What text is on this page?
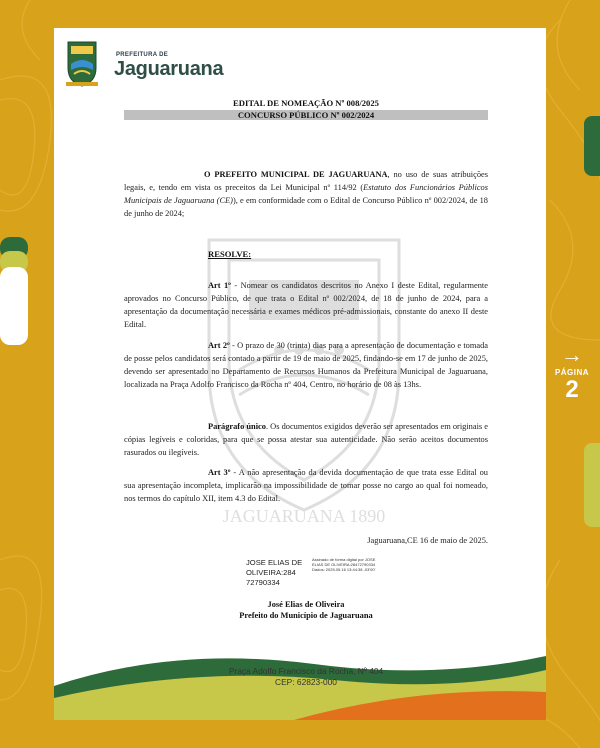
→
PÁGINA
2
PREFEITURA DE
Jaguaruana
JAGUARUANA 1890
EDITAL DE NOMEAÇÃO Nº 008/2025
CONCURSO PÚBLICO Nº 002/2024
O PREFEITO MUNICIPAL DE JAGUARUANA, no uso de suas atribuições legais, e, tendo em vista os preceitos da Lei Municipal nº 114/92 (Estatuto dos Funcionários Públicos Municipais de Jaguaruana (CE)), e em conformidade com o Edital de Concurso Público nº 002/2024, de 18 de junho de 2024;
RESOLVE:
Art 1º - Nomear os candidatos descritos no Anexo I deste Edital, regularmente aprovados no Concurso Público, de que trata o Edital nº 002/2024, de 18 de junho de 2024, para a apresentação da documentação necessária e exames médicos pré-admissionais, constante do anexo II deste Edital.
Art 2º - O prazo de 30 (trinta) dias para a apresentação de documentação e tomada de posse pelos candidatos será contado a partir de 19 de maio de 2025, findando-se em 17 de junho de 2025, devendo ser apresentado no Departamento de Recursos Humanos da Prefeitura Municipal de Jaguaruana, localizada na Praça Adolfo Francisco da Rocha nº 404, Centro, no horário de 08 às 13hs.
Parágrafo único. Os documentos exigidos deverão ser apresentados em originais e cópias legíveis e coloridas, para que se possa atestar sua autenticidade. Não serão aceitos documentos rasurados ou ilegíveis.
Art 3º - A não apresentação da devida documentação de que trata esse Edital ou sua apresentação incompleta, implicarão na impossibilidade de tomar posse no cargo ao qual foi nomeado, nos termos do capítulo XII, item 4.3 do Edital.
Jaguaruana,CE 16 de maio de 2025.
JOSE ELIAS DE OLIVEIRA:284 72790334
Assinado de forma digital por JOSE ELIAS DE OLIVEIRA:28472790334 Dados: 2025.05.16 13:44:38 -03'00'
José Elias de Oliveira
Prefeito do Município de Jaguaruana
Praça Adolfo Francisco da Rocha, Nº 404
CEP: 62823-000
